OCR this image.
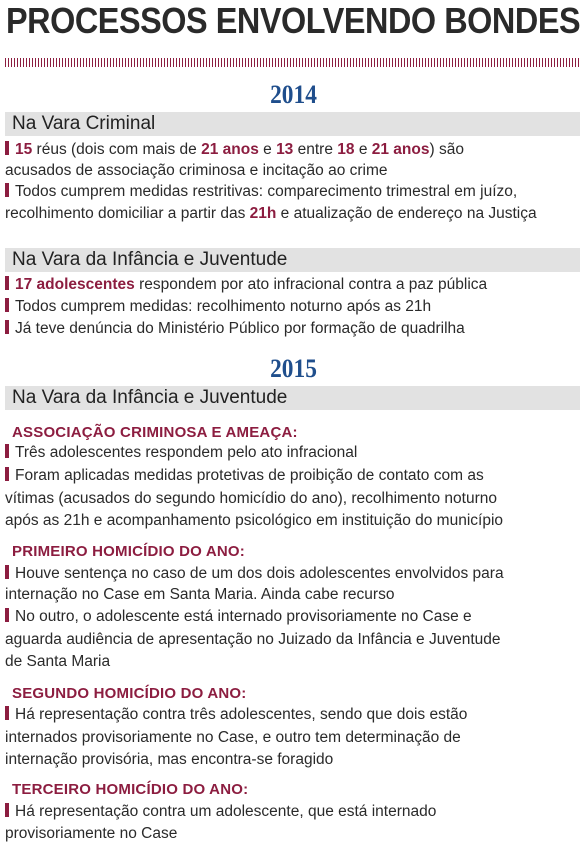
PROCESSOS ENVOLVENDO BONDES
2014
Na Vara Criminal
15 réus (dois com mais de 21 anos e 13 entre 18 e 21 anos) são
acusados de associação criminosa e incitação ao crime
Todos cumprem medidas restritivas: comparecimento trimestral em juízo,
recolhimento domiciliar a partir das 21h e atualização de endereço na Justiça
Na Vara da Infância e Juventude
17 adolescentes respondem por ato infracional contra a paz pública
Todos cumprem medidas: recolhimento noturno após as 21h
Já teve denúncia do Ministério Público por formação de quadrilha
2015
Na Vara da Infância e Juventude
ASSOCIAÇÃO CRIMINOSA E AMEAÇA:
Três adolescentes respondem pelo ato infracional
Foram aplicadas medidas protetivas de proibição de contato com as
vítimas (acusados do segundo homicídio do ano), recolhimento noturno
após as 21h e acompanhamento psicológico em instituição do município
PRIMEIRO HOMICÍDIO DO ANO:
Houve sentença no caso de um dos dois adolescentes envolvidos para
internação no Case em Santa Maria. Ainda cabe recurso
No outro, o adolescente está internado provisoriamente no Case e
aguarda audiência de apresentação no Juizado da Infância e Juventude
de Santa Maria
SEGUNDO HOMICÍDIO DO ANO:
Há representação contra três adolescentes, sendo que dois estão
internados provisoriamente no Case, e outro tem determinação de
internação provisória, mas encontra-se foragido
TERCEIRO HOMICÍDIO DO ANO:
Há representação contra um adolescente, que está internado
provisoriamente no Case
